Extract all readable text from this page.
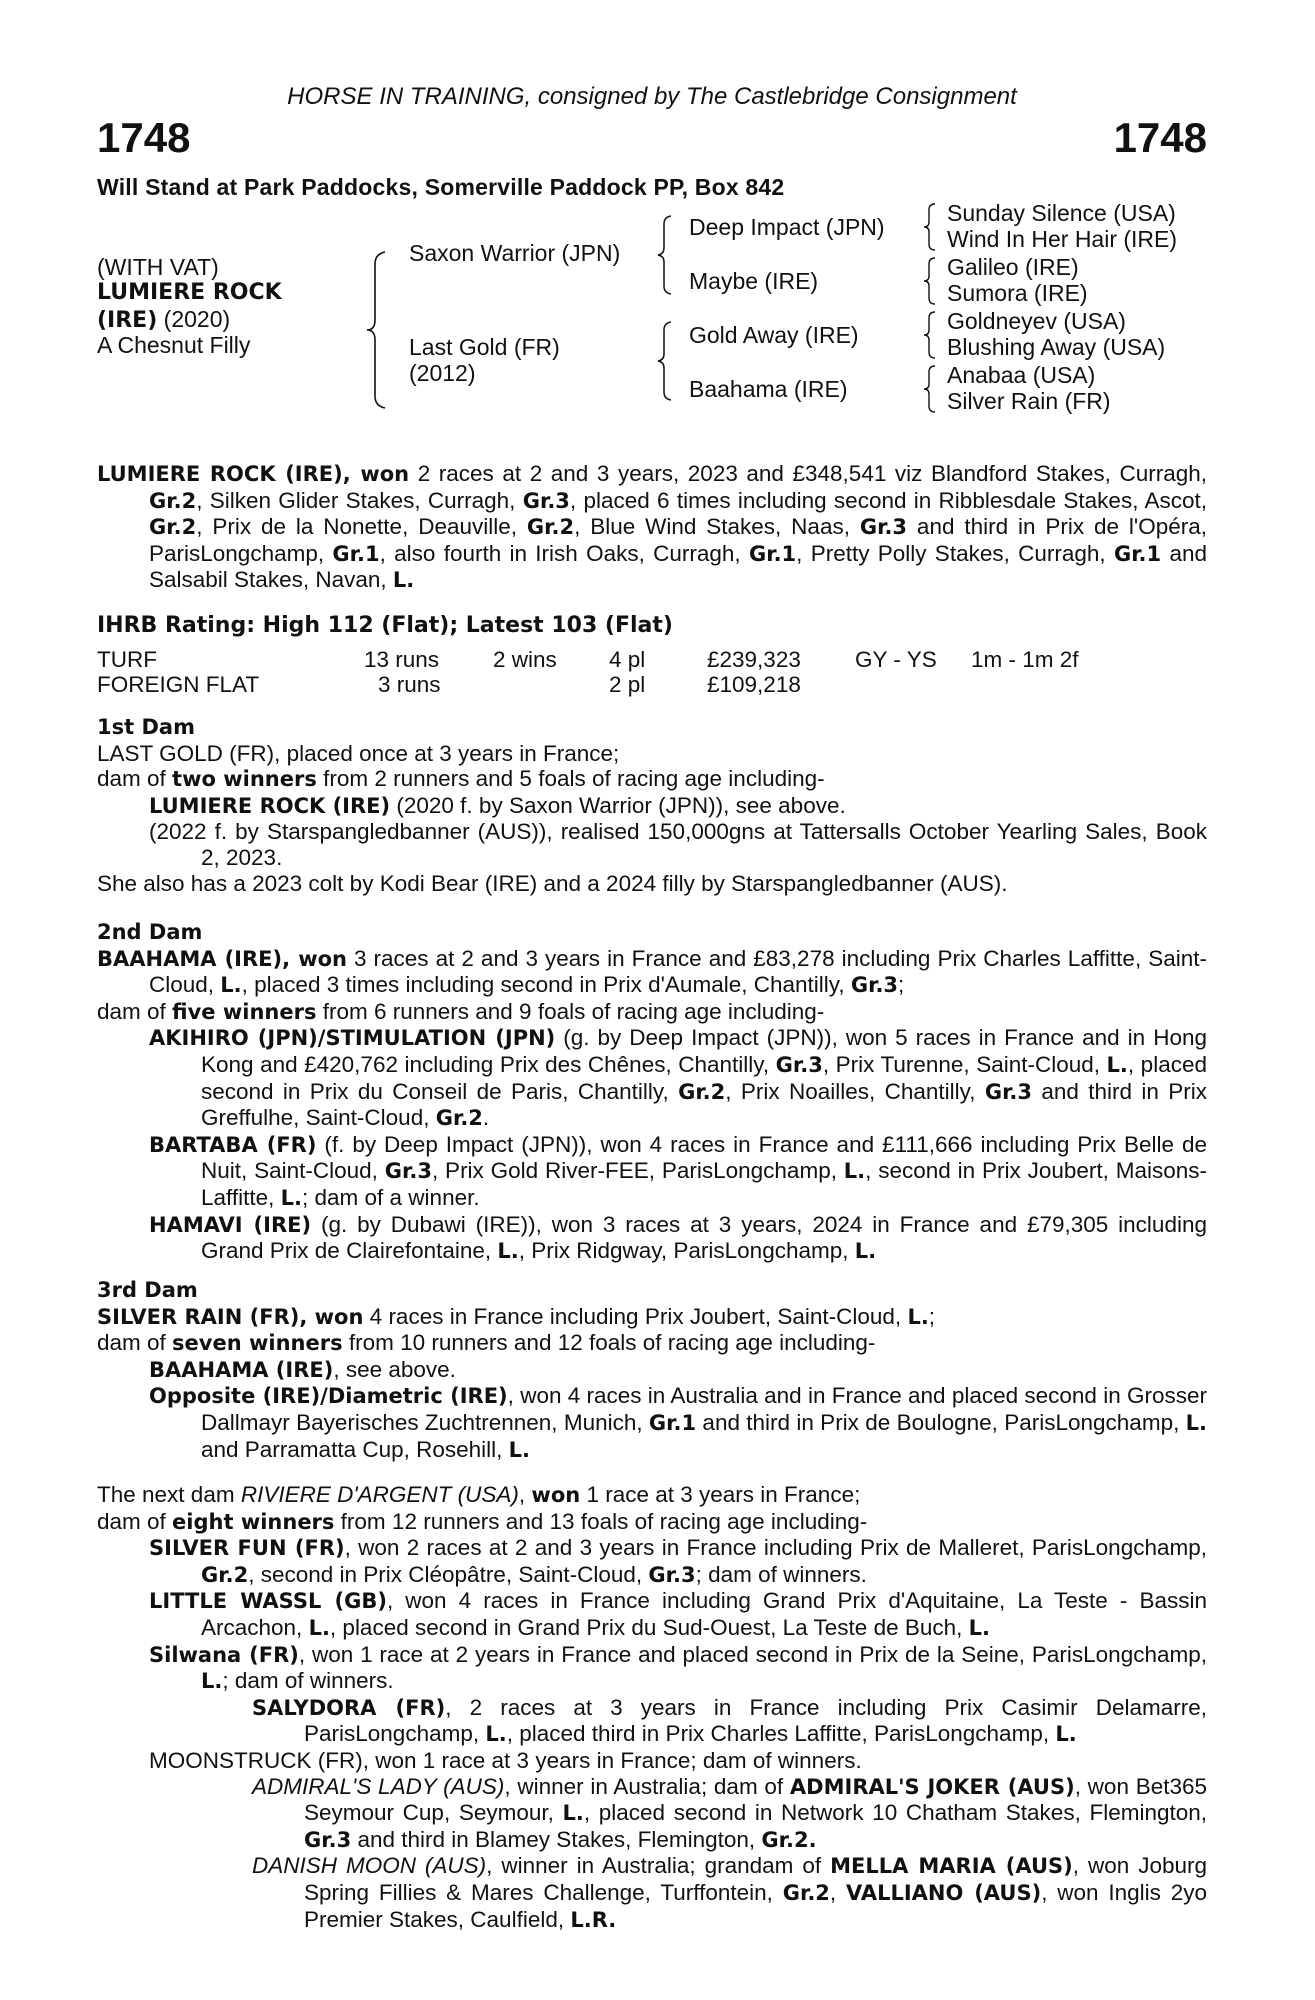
HORSE IN TRAINING, consigned by The Castlebridge Consignment
1748	1748
Will Stand at Park Paddocks, Somerville Paddock PP, Box 842
(WITH VAT)
LUMIERE ROCK
(IRE) (2020)
A Chesnut Filly
Saxon Warrior (JPN)
Last Gold (FR)
(2012)
Deep Impact (JPN)
Maybe (IRE)
Gold Away (IRE)
Baahama (IRE)
Sunday Silence (USA)
Wind In Her Hair (IRE)
Galileo (IRE)
Sumora (IRE)
Goldneyev (USA)
Blushing Away (USA)
Anabaa (USA)
Silver Rain (FR)

LUMIERE ROCK (IRE), won 2 races at 2 and 3 years, 2023 and £348,541 viz Blandford Stakes, Curragh, Gr.2, Silken Glider Stakes, Curragh, Gr.3, placed 6 times including second in Ribblesdale Stakes, Ascot, Gr.2, Prix de la Nonette, Deauville, Gr.2, Blue Wind Stakes, Naas, Gr.3 and third in Prix de l'Opéra, ParisLongchamp, Gr.1, also fourth in Irish Oaks, Curragh, Gr.1, Pretty Polly Stakes, Curragh, Gr.1 and Salsabil Stakes, Navan, L.

IHRB Rating: High 112 (Flat); Latest 103 (Flat)

TURF	13 runs 2 wins 4 pl	£239,323 GY - YS 1m - 1m 2f
FOREIGN FLAT	3 runs	2 pl	£109,218

1st Dam

LAST GOLD (FR), placed once at 3 years in France;

dam of two winners from 2 runners and 5 foals of racing age including-

LUMIERE ROCK (IRE) (2020 f. by Saxon Warrior (JPN)), see above.

(2022 f. by Starspangledbanner (AUS)), realised 150,000gns at Tattersalls October Yearling Sales, Book 2, 2023.

She also has a 2023 colt by Kodi Bear (IRE) and a 2024 filly by Starspangledbanner (AUS).

2nd Dam

BAAHAMA (IRE), won 3 races at 2 and 3 years in France and £83,278 including Prix Charles Laffitte, Saint-Cloud, L., placed 3 times including second in Prix d'Aumale, Chantilly, Gr.3;

dam of five winners from 6 runners and 9 foals of racing age including-

AKIHIRO (JPN)/STIMULATION (JPN) (g. by Deep Impact (JPN)), won 5 races in France and in Hong Kong and £420,762 including Prix des Chênes, Chantilly, Gr.3, Prix Turenne, Saint-Cloud, L., placed second in Prix du Conseil de Paris, Chantilly, Gr.2, Prix Noailles, Chantilly, Gr.3 and third in Prix Greffulhe, Saint-Cloud, Gr.2.

BARTABA (FR) (f. by Deep Impact (JPN)), won 4 races in France and £111,666 including Prix Belle de Nuit, Saint-Cloud, Gr.3, Prix Gold River-FEE, ParisLongchamp, L., second in Prix Joubert, Maisons-Laffitte, L.; dam of a winner.

HAMAVI (IRE) (g. by Dubawi (IRE)), won 3 races at 3 years, 2024 in France and £79,305 including Grand Prix de Clairefontaine, L., Prix Ridgway, ParisLongchamp, L.

3rd Dam

SILVER RAIN (FR), won 4 races in France including Prix Joubert, Saint-Cloud, L.;

dam of seven winners from 10 runners and 12 foals of racing age including-

BAAHAMA (IRE), see above.

Opposite (IRE)/Diametric (IRE), won 4 races in Australia and in France and placed second in Grosser Dallmayr Bayerisches Zuchtrennen, Munich, Gr.1 and third in Prix de Boulogne, ParisLongchamp, L. and Parramatta Cup, Rosehill, L.

The next dam RIVIERE D'ARGENT (USA), won 1 race at 3 years in France;

dam of eight winners from 12 runners and 13 foals of racing age including-

SILVER FUN (FR), won 2 races at 2 and 3 years in France including Prix de Malleret, ParisLongchamp, Gr.2, second in Prix Cléopâtre, Saint-Cloud, Gr.3; dam of winners.

LITTLE WASSL (GB), won 4 races in France including Grand Prix d'Aquitaine, La Teste - Bassin Arcachon, L., placed second in Grand Prix du Sud-Ouest, La Teste de Buch, L.

Silwana (FR), won 1 race at 2 years in France and placed second in Prix de la Seine, ParisLongchamp, L.; dam of winners.

SALYDORA (FR), 2 races at 3 years in France including Prix Casimir Delamarre, ParisLongchamp, L., placed third in Prix Charles Laffitte, ParisLongchamp, L.

MOONSTRUCK (FR), won 1 race at 3 years in France; dam of winners.

ADMIRAL'S LADY (AUS), winner in Australia; dam of ADMIRAL'S JOKER (AUS), won Bet365 Seymour Cup, Seymour, L., placed second in Network 10 Chatham Stakes, Flemington, Gr.3 and third in Blamey Stakes, Flemington, Gr.2.

DANISH MOON (AUS), winner in Australia; grandam of MELLA MARIA (AUS), won Joburg Spring Fillies & Mares Challenge, Turffontein, Gr.2, VALLIANO (AUS), won Inglis 2yo Premier Stakes, Caulfield, L.R.
